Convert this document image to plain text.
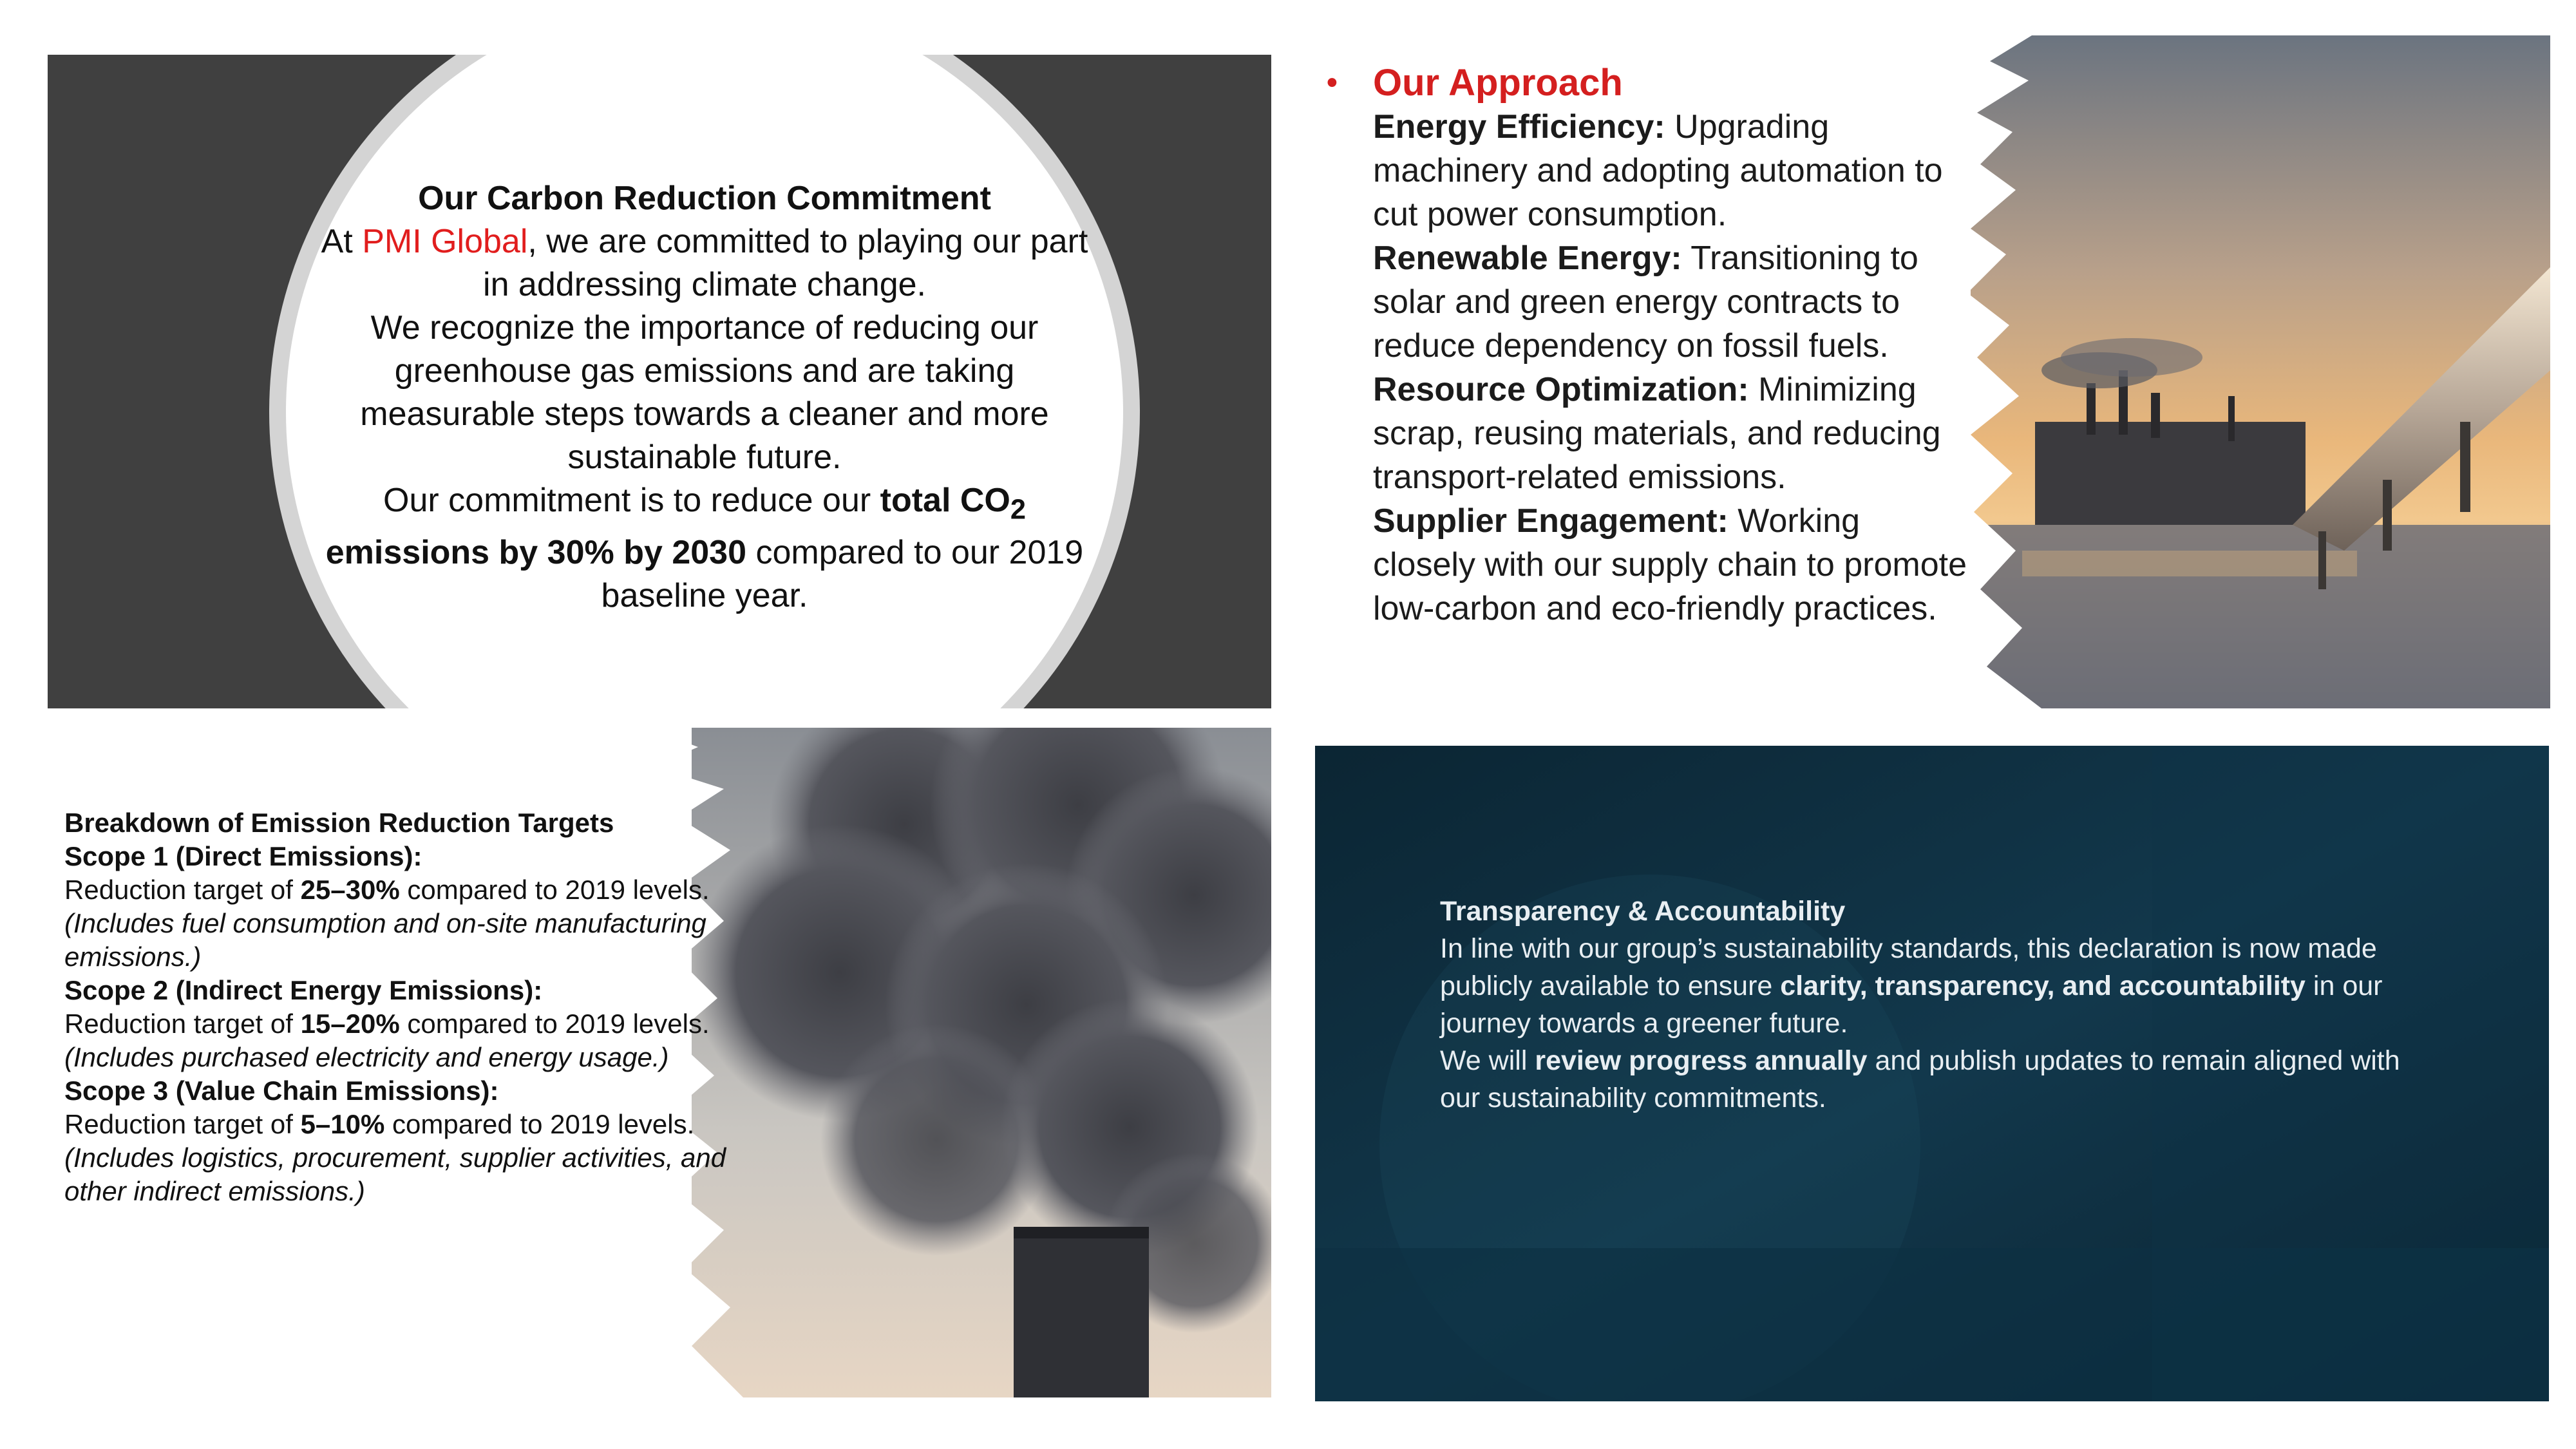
Our Carbon Reduction Commitment
At PMI Global, we are committed to playing our part in addressing climate change.
We recognize the importance of reducing our greenhouse gas emissions and are taking measurable steps towards a cleaner and more sustainable future.
Our commitment is to reduce our total $CO_2$ emissions by 30% by 2030 compared to our 2019 baseline year.
• Our Approach
Energy Efficiency: Upgrading machinery and adopting automation to cut power consumption.
Renewable Energy: Transitioning to solar and green energy contracts to reduce dependency on fossil fuels.
Resource Optimization: Minimizing scrap, reusing materials, and reducing transport-related emissions.
Supplier Engagement: Working closely with our supply chain to promote low-carbon and eco-friendly practices.
Breakdown of Emission Reduction Targets
Scope 1 (Direct Emissions):
Reduction target of 25–30% compared to 2019 levels.
(Includes fuel consumption and on-site manufacturing emissions.)
Scope 2 (Indirect Energy Emissions):
Reduction target of 15–20% compared to 2019 levels.
(Includes purchased electricity and energy usage.)
Scope 3 (Value Chain Emissions):
Reduction target of 5–10% compared to 2019 levels.
(Includes logistics, procurement, supplier activities, and other indirect emissions.)
Transparency & Accountability
In line with our group’s sustainability standards, this declaration is now made publicly available to ensure clarity, transparency, and accountability in our journey towards a greener future.
We will review progress annually and publish updates to remain aligned with our sustainability commitments.
